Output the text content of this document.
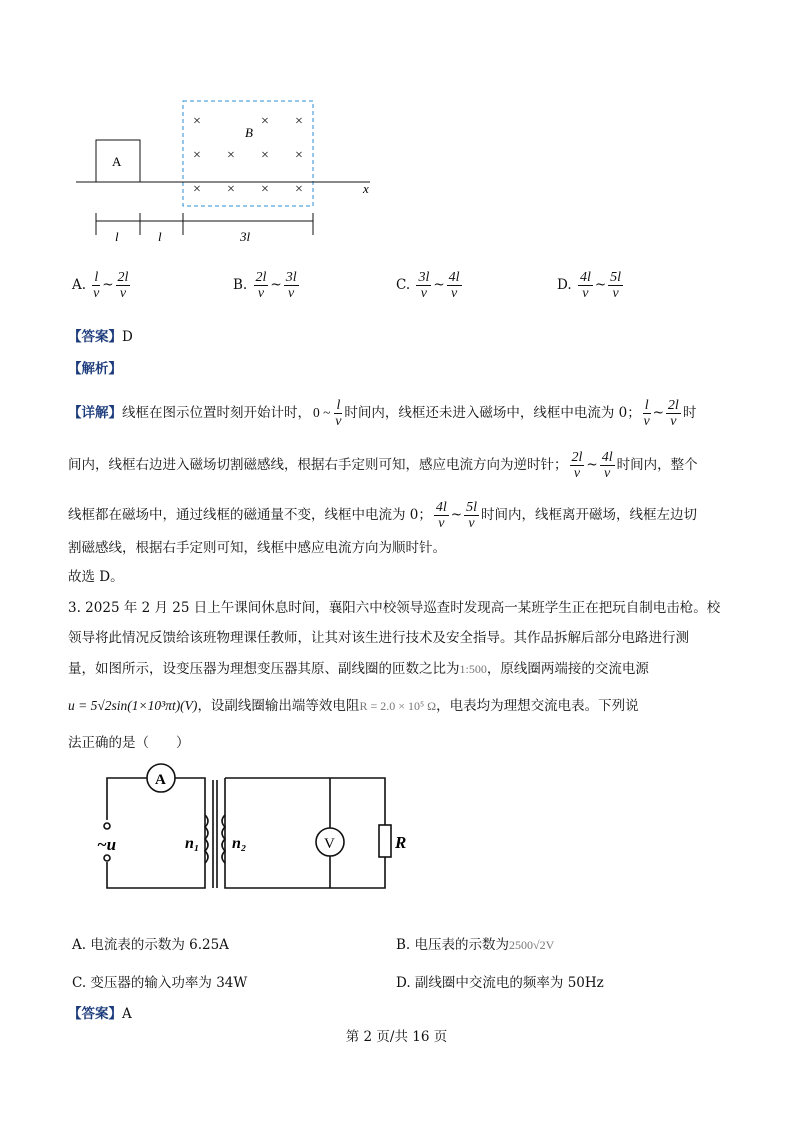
A
x
B
×	× ×
× × × ×
× × × ×
l	l	3l
A. $\frac{l}{v}$ ~ $\frac{2l}{v}$	B. $\frac{2l}{v}$ ~ $\frac{3l}{v}$	C. $\frac{3l}{v}$ ~ $\frac{4l}{v}$	D. $\frac{4l}{v}$ ~ $\frac{5l}{v}$
【答案】D
【解析】
【详解】线框在图示位置时刻开始计时， 0 ~ $\frac{l}{v}$ 时间内，线框还未进入磁场中，线框中电流为 0； $\frac{l}{v}$ ~ $\frac{2l}{v}$ 时
间内，线框右边进入磁场切割磁感线，根据右手定则可知，感应电流方向为逆时针； $\frac{2l}{v}$ ~ $\frac{4l}{v}$ 时间内，整个
线框都在磁场中，通过线框的磁通量不变，线框中电流为 0； $\frac{4l}{v}$ ~ $\frac{5l}{v}$ 时间内，线框离开磁场，线框左边切
割磁感线，根据右手定则可知，线框中感应电流方向为顺时针。
故选 D。
3. 2025 年 2 月 25 日上午课间休息时间，襄阳六中校领导巡查时发现高一某班学生正在把玩自制电击枪。校
领导将此情况反馈给该班物理课任教师，让其对该生进行技术及安全指导。其作品拆解后部分电路进行测
量，如图所示，设变压器为理想变压器其原、副线圈的匝数之比为1:500，原线圈两端接的交流电源
u = 5√2sin(1×10³πt)(V)，设副线圈输出端等效电阻R = 2.0 × 10⁵ Ω，电表均为理想交流电表。下列说
法正确的是（　　）
A
V
~u	n₁ n₂	R
A. 电流表的示数为 6.25A	B. 电压表的示数为2500√2V
C. 变压器的输入功率为 34W	D. 副线圈中交流电的频率为 50Hz
【答案】A
第 2 页/共 16 页
